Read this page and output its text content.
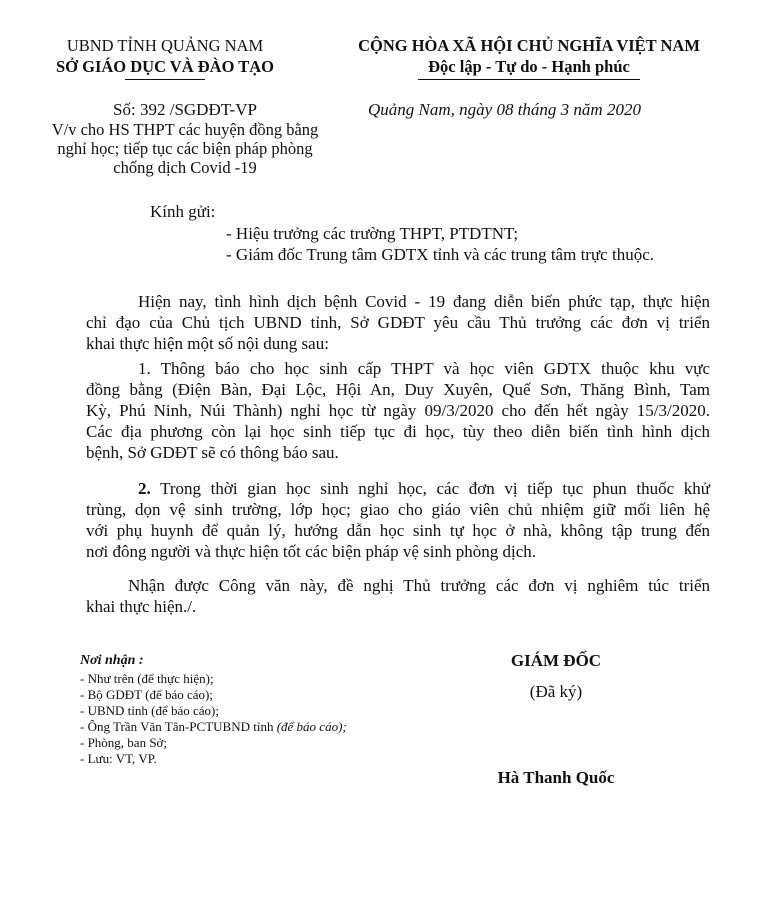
UBND TỈNH QUẢNG NAM
SỞ GIÁO DỤC VÀ ĐÀO TẠO
CỘNG HÒA XÃ HỘI CHỦ NGHĨA VIỆT NAM
Độc lập - Tự do - Hạnh phúc
Số: 392 /SGDĐT-VP
V/v cho HS THPT các huyện đồng bằng
nghỉ học; tiếp tục các biện pháp phòng
chống dịch Covid -19
Quảng Nam, ngày 08 tháng 3 năm 2020
Kính gửi:
- Hiệu trưởng các trường THPT, PTDTNT;
- Giám đốc Trung tâm GDTX tỉnh và các trung tâm trực thuộc.
Hiện nay, tình hình dịch bệnh Covid - 19 đang diễn biến phức tạp, thực hiện
chỉ đạo của Chủ tịch UBND tỉnh, Sở GDĐT yêu cầu Thủ trưởng các đơn vị triển
khai thực hiện một số nội dung sau:
1. Thông báo cho học sinh cấp THPT và học viên GDTX thuộc khu vực
đồng bằng (Điện Bàn, Đại Lộc, Hội An, Duy Xuyên, Quế Sơn, Thăng Bình, Tam
Kỳ, Phú Ninh, Núi Thành) nghỉ học từ ngày 09/3/2020 cho đến hết ngày 15/3/2020.
Các địa phương còn lại học sinh tiếp tục đi học, tùy theo diễn biến tình hình dịch
bệnh, Sở GDĐT sẽ có thông báo sau.
2. Trong thời gian học sinh nghỉ học, các đơn vị tiếp tục phun thuốc khử
trùng, dọn vệ sinh trường, lớp học; giao cho giáo viên chủ nhiệm giữ mối liên hệ
với phụ huynh để quản lý, hướng dẫn học sinh tự học ở nhà, không tập trung đến
nơi đông người và thực hiện tốt các biện pháp vệ sinh phòng dịch.
Nhận được Công văn này, đề nghị Thủ trưởng các đơn vị nghiêm túc triển
khai thực hiện./.
Nơi nhận :
- Như trên (để thực hiện);
- Bộ GDĐT (để báo cáo);
- UBND tỉnh (để báo cáo);
- Ông Trần Văn Tân-PCTUBND tỉnh (để báo cáo);
- Phòng, ban Sở;
- Lưu: VT, VP.
GIÁM ĐỐC
(Đã ký)
Hà Thanh Quốc
